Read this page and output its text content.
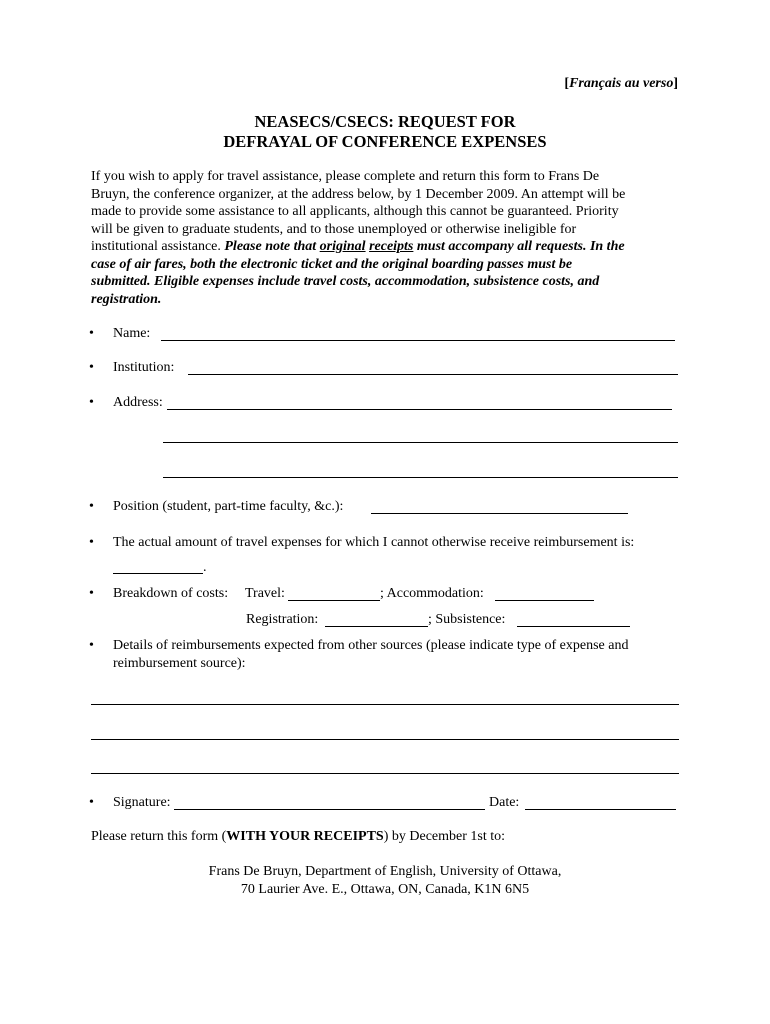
[Français au verso]
NEASECS/CSECS: REQUEST FOR
DEFRAYAL OF CONFERENCE EXPENSES
If you wish to apply for travel assistance, please complete and return this form to Frans De
Bruyn, the conference organizer, at the address below, by 1 December 2009. An attempt will be
made to provide some assistance to all applicants, although this cannot be guaranteed. Priority
will be given to graduate students, and to those unemployed or otherwise ineligible for
institutional assistance. Please note that original receipts must accompany all requests. In the
case of air fares, both the electronic ticket and the original boarding passes must be
submitted. Eligible expenses include travel costs, accommodation, subsistence costs, and
registration.
• Name:
• Institution:
• Address:
• Position (student, part-time faculty, &c.):
• The actual amount of travel expenses for which I cannot otherwise receive reimbursement is:
.
• Breakdown of costs: Travel:	; Accommodation:
Registration:	; Subsistence:
• Details of reimbursements expected from other sources (please indicate type of expense and
reimbursement source):
• Signature:	Date:
Please return this form (WITH YOUR RECEIPTS) by December 1st to:
Frans De Bruyn, Department of English, University of Ottawa,
70 Laurier Ave. E., Ottawa, ON, Canada, K1N 6N5
